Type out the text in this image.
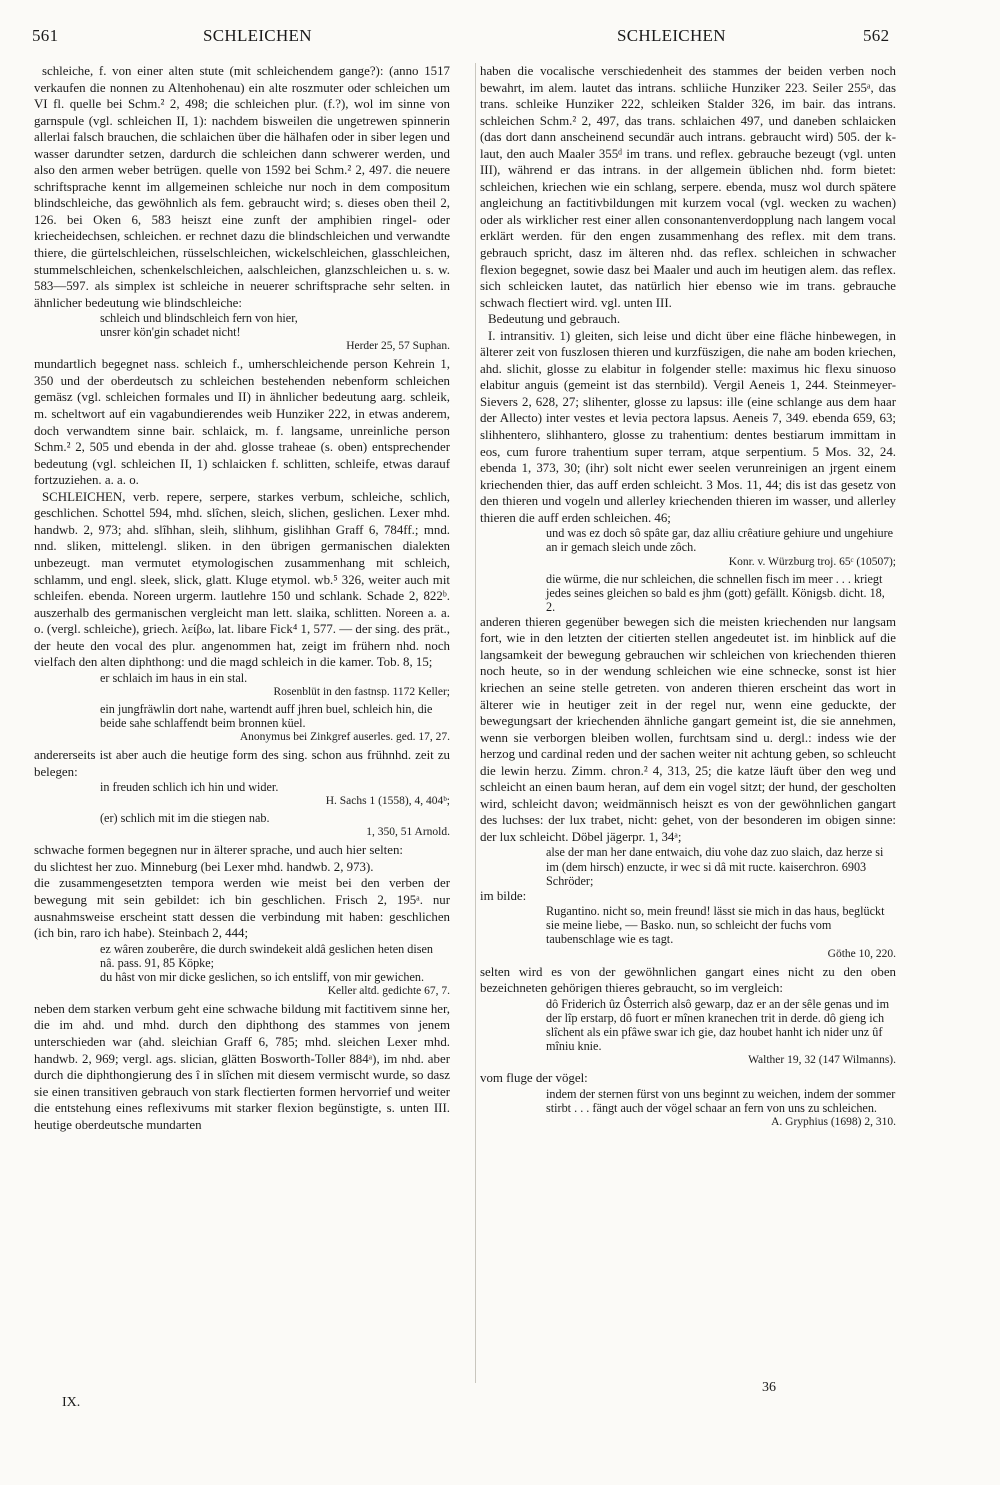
561	SCHLEICHEN	SCHLEICHEN	562

schleiche, f. von einer alten stute (mit schleichendem gange?): (anno 1517 verkaufen die nonnen zu Altenhohenau) ein alte roszmuter oder schleichen um VI fl. quelle bei Schm.² 2, 498; die schleichen plur. (f.?), wol im sinne von garnspule (vgl. schleichen II, 1): nachdem bisweilen die ungetrewen spinnerin allerlai falsch brauchen, die schlaichen über die hälhafen oder in siber legen und wasser darundter setzen, dardurch die schleichen dann schwerer werden, und also den armen weber betrügen. quelle von 1592 bei Schm.² 2, 497. die neuere schriftsprache kennt im allgemeinen schleiche nur noch in dem compositum blindschleiche, das gewöhnlich als fem. gebraucht wird; s. dieses oben theil 2, 126. bei Oken 6, 583 heiszt eine zunft der amphibien ringel- oder kriecheidechsen, schleichen. er rechnet dazu die blindschleichen und verwandte thiere, die gürtelschleichen, rüsselschleichen, wickelschleichen, glasschleichen, stummelschleichen, schenkelschleichen, aalschleichen, glanzschleichen u. s. w. 583—597. als simplex ist schleiche in neuerer schriftsprache sehr selten. in ähnlicher bedeutung wie blindschleiche:

schleich und blindschleich fern von hier,

unsrer kön'gin schadet nicht!

Herder 25, 57 Suphan.

mundartlich begegnet nass. schleich f., umherschleichende person Kehrein 1, 350 und der oberdeutsch zu schleichen bestehenden nebenform schleichen gemäsz (vgl. schleichen formales und II) in ähnlicher bedeutung aarg. schleik, m. scheltwort auf ein vagabundierendes weib Hunziker 222, in etwas anderem, doch verwandtem sinne bair. schlaick, m. f. langsame, unreinliche person Schm.² 2, 505 und ebenda in der ahd. glosse traheae (s. oben) entsprechender bedeutung (vgl. schleichen II, 1) schlaicken f. schlitten, schleife, etwas darauf fortzuziehen. a. a. o.

SCHLEICHEN, verb. repere, serpere, starkes verbum, schleiche, schlich, geschlichen. Schottel 594, mhd. slîchen, sleich, slichen, geslichen. Lexer mhd. handwb. 2, 973; ahd. slîhhan, sleih, slihhum, gislihhan Graff 6, 784ff.; mnd. nnd. sliken, mittelengl. sliken. in den übrigen germanischen dialekten unbezeugt. man vermutet etymologischen zusammenhang mit schleich, schlamm, und engl. sleek, slick, glatt. Kluge etymol. wb.⁵ 326, weiter auch mit schleifen. ebenda. Noreen urgerm. lautlehre 150 und schlank. Schade 2, 822ᵇ. auszerhalb des germanischen vergleicht man lett. slaika, schlitten. Noreen a. a. o. (vergl. schleiche), griech. λείβω, lat. libare Fick⁴ 1, 577. — der sing. des prät., der heute den vocal des plur. angenommen hat, zeigt im frühern nhd. noch vielfach den alten diphthong: und die magd schleich in die kamer. Tob. 8, 15;

er schlaich im haus in ein stal.

Rosenblüt in den fastnsp. 1172 Keller;

ein jungfräwlin dort nahe, wartendt auff jhren buel, schleich hin, die beide sahe schlaffendt beim bronnen küel.

Anonymus bei Zinkgref auserles. ged. 17, 27.

andererseits ist aber auch die heutige form des sing. schon aus frühnhd. zeit zu belegen:

in freuden schlich ich hin und wider.

H. Sachs 1 (1558), 4, 404ᵇ;

(er) schlich mit im die stiegen nab.

1, 350, 51 Arnold.

schwache formen begegnen nur in älterer sprache, und auch hier selten:

du slichtest her zuo. Minneburg (bei Lexer mhd. handwb. 2, 973).

die zusammengesetzten tempora werden wie meist bei den verben der bewegung mit sein gebildet: ich bin geschlichen. Frisch 2, 195ᵃ. nur ausnahmsweise erscheint statt dessen die verbindung mit haben: geschlichen (ich bin, raro ich habe). Steinbach 2, 444;

ez wâren zouberêre, die durch swindekeit aldâ geslichen heten disen nâ. pass. 91, 85 Köpke;

du hâst von mir dicke geslichen, so ich entsliff, von mir gewichen.

Keller altd. gedichte 67, 7.

neben dem starken verbum geht eine schwache bildung mit factitivem sinne her, die im ahd. und mhd. durch den diphthong des stammes von jenem unterschieden war (ahd. sleichian Graff 6, 785; mhd. sleichen Lexer mhd. handwb. 2, 969; vergl. ags. slician, glätten Bosworth-Toller 884ᵃ), im nhd. aber durch die diphthongierung des î in slîchen mit diesem vermischt wurde, so dasz sie einen transitiven gebrauch von stark flectierten formen hervorrief und weiter die entstehung eines reflexivums mit starker flexion begünstigte, s. unten III. heutige oberdeutsche mundarten

haben die vocalische verschiedenheit des stammes der beiden verben noch bewahrt, im alem. lautet das intrans. schliiche Hunziker 223. Seiler 255ᵃ, das trans. schleike Hunziker 222, schleiken Stalder 326, im bair. das intrans. schleichen Schm.² 2, 497, das trans. schlaichen 497, und daneben schlaicken (das dort dann anscheinend secundär auch intrans. gebraucht wird) 505. der k-laut, den auch Maaler 355ᵈ im trans. und reflex. gebrauche bezeugt (vgl. unten III), während er das intrans. in der allgemein üblichen nhd. form bietet: schleichen, kriechen wie ein schlang, serpere. ebenda, musz wol durch spätere angleichung an factitivbildungen mit kurzem vocal (vgl. wecken zu wachen) oder als wirklicher rest einer allen consonantenverdopplung nach langem vocal erklärt werden. für den engen zusammenhang des reflex. mit dem trans. gebrauch spricht, dasz im älteren nhd. das reflex. schleichen in schwacher flexion begegnet, sowie dasz bei Maaler und auch im heutigen alem. das reflex. sich schleicken lautet, das natürlich hier ebenso wie im trans. gebrauche schwach flectiert wird. vgl. unten III.

Bedeutung und gebrauch.

I. intransitiv. 1) gleiten, sich leise und dicht über eine fläche hinbewegen, in älterer zeit von fuszlosen thieren und kurzfüszigen, die nahe am boden kriechen, ahd. slichit, glosse zu elabitur in folgender stelle: maximus hic flexu sinuoso elabitur anguis (gemeint ist das sternbild). Vergil Aeneis 1, 244. Steinmeyer-Sievers 2, 628, 27; slihenter, glosse zu lapsus: ille (eine schlange aus dem haar der Allecto) inter vestes et levia pectora lapsus. Aeneis 7, 349. ebenda 659, 63; slihhentero, slihhantero, glosse zu trahentium: dentes bestiarum immittam in eos, cum furore trahentium super terram, atque serpentium. 5 Mos. 32, 24. ebenda 1, 373, 30; (ihr) solt nicht ewer seelen verunreinigen an jrgent einem kriechenden thier, das auff erden schleicht. 3 Mos. 11, 44; dis ist das gesetz von den thieren und vogeln und allerley kriechenden thieren im wasser, und allerley thieren die auff erden schleichen. 46;

und was ez doch sô spâte gar, daz alliu crêatiure gehiure und ungehiure an ir gemach sleich unde zôch.

Konr. v. Würzburg troj. 65ᶜ (10507);

die würme, die nur schleichen, die schnellen fisch im meer . . . kriegt jedes seines gleichen so bald es jhm (gott) gefällt. Königsb. dicht. 18, 2.

anderen thieren gegenüber bewegen sich die meisten kriechenden nur langsam fort, wie in den letzten der citierten stellen angedeutet ist. im hinblick auf die langsamkeit der bewegung gebrauchen wir schleichen von kriechenden thieren noch heute, so in der wendung schleichen wie eine schnecke, sonst ist hier kriechen an seine stelle getreten. von anderen thieren erscheint das wort in älterer wie in heutiger zeit in der regel nur, wenn eine geduckte, der bewegungsart der kriechenden ähnliche gangart gemeint ist, die sie annehmen, wenn sie verborgen bleiben wollen, furchtsam sind u. dergl.: indess wie der herzog und cardinal reden und der sachen weiter nit achtung geben, so schleucht die lewin herzu. Zimm. chron.² 4, 313, 25; die katze läuft über den weg und schleicht an einen baum heran, auf dem ein vogel sitzt; der hund, der gescholten wird, schleicht davon; weidmännisch heiszt es von der gewöhnlichen gangart des luchses: der lux trabet, nicht: gehet, von der besonderen im obigen sinne: der lux schleicht. Döbel jägerpr. 1, 34ᵃ;

alse der man her dane entwaich, diu vohe daz zuo slaich, daz herze si im (dem hirsch) enzucte, ir wec si dâ mit ructe. kaiserchron. 6903 Schröder;

im bilde:

Rugantino. nicht so, mein freund! lässt sie mich in das haus, beglückt sie meine liebe, — Basko. nun, so schleicht der fuchs vom taubenschlage wie es tagt.

Göthe 10, 220.

selten wird es von der gewöhnlichen gangart eines nicht zu den oben bezeichneten gehörigen thieres gebraucht, so im vergleich:

dô Friderich ûz Ôsterrich alsô gewarp, daz er an der sêle genas und im der lîp erstarp, dô fuort er mînen kranechen trit in derde. dô gieng ich slîchent als ein pfâwe swar ich gie, daz houbet hanht ich nider unz ûf mîniu knie.

Walther 19, 32 (147 Wilmanns).

vom fluge der vögel:

indem der sternen fürst von uns beginnt zu weichen, indem der sommer stirbt . . . fängt auch der vögel schaar an fern von uns zu schleichen.

A. Gryphius (1698) 2, 310.

IX.
36
